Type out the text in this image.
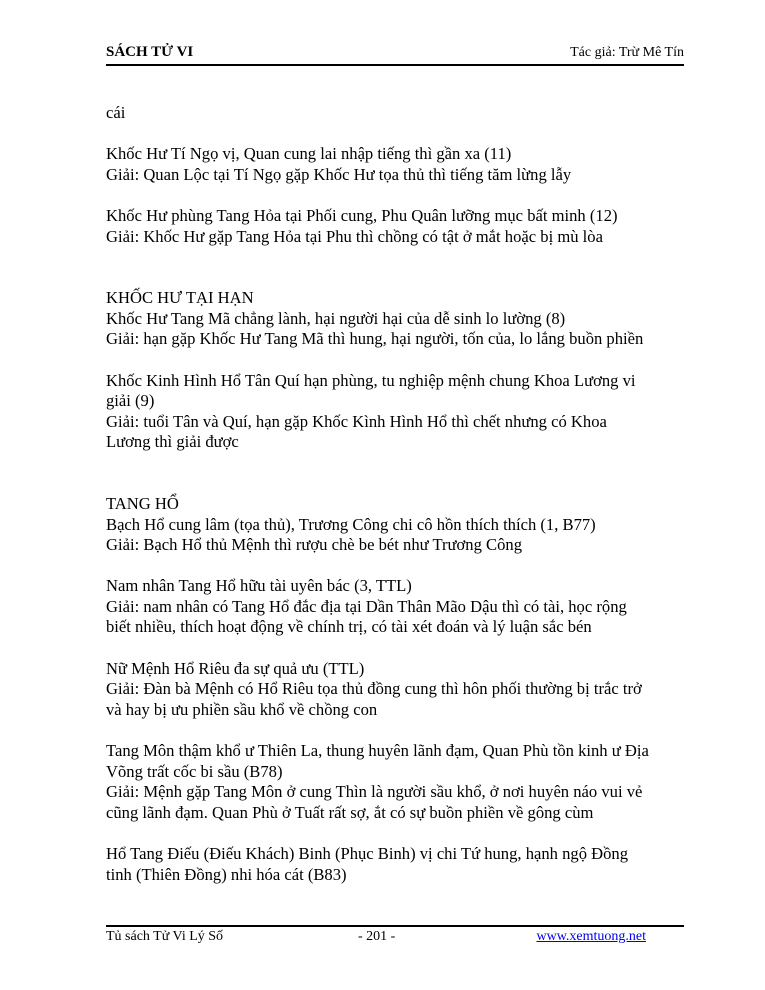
SÁCH TỬ VI	Tác giả: Trừ Mê Tín

cái

Khốc Hư Tí Ngọ vị, Quan cung lai nhập tiếng thì gần xa (11)

Giải: Quan Lộc tại Tí Ngọ gặp Khốc Hư tọa thủ thì tiếng tăm lừng lẫy

Khốc Hư phùng Tang Hỏa tại Phối cung, Phu Quân lưỡng mục bất minh (12)

Giải: Khốc Hư gặp Tang Hỏa tại Phu thì chồng có tật ở mắt hoặc bị mù lòa

KHỐC HƯ TẠI HẠN

Khốc Hư Tang Mã chẳng lành, hại người hại của dễ sinh lo lường (8)

Giải: hạn gặp Khốc Hư Tang Mã thì hung, hại người, tốn của, lo lắng buồn phiền

Khốc Kinh Hình Hổ Tân Quí hạn phùng, tu nghiệp mệnh chung Khoa Lương vi

giải (9)

Giải: tuổi Tân và Quí, hạn gặp Khốc Kình Hình Hổ thì chết nhưng có Khoa

Lương thì giải được

TANG HỔ

Bạch Hổ cung lâm (tọa thủ), Trương Công chi cô hồn thích thích (1, B77)

Giải: Bạch Hổ thủ Mệnh thì rượu chè be bét như Trương Công

Nam nhân Tang Hổ hữu tài uyên bác (3, TTL)

Giải: nam nhân có Tang Hổ đắc địa tại Dần Thân Mão Dậu thì có tài, học rộng

biết nhiều, thích hoạt động về chính trị, có tài xét đoán và lý luận sắc bén

Nữ Mệnh Hổ Riêu đa sự quả ưu (TTL)

Giải: Đàn bà Mệnh có Hổ Riêu tọa thủ đồng cung thì hôn phối thường bị trắc trở

và hay bị ưu phiền sầu khổ về chồng con

Tang Môn thậm khổ ư Thiên La, thung huyên lãnh đạm, Quan Phù tồn kinh ư Địa

Võng trất cốc bi sầu (B78)

Giải: Mệnh gặp Tang Môn ở cung Thìn là người sầu khổ, ở nơi huyên náo vui vẻ

cũng lãnh đạm. Quan Phù ở Tuất rất sợ, ắt có sự buồn phiền về gông cùm

Hổ Tang Điếu (Điếu Khách) Binh (Phục Binh) vị chi Tứ hung, hạnh ngộ Đồng

tinh (Thiên Đồng) nhi hóa cát (B83)

Tủ sách Tử Vi Lý Số	- 201 -	www.xemtuong.net
